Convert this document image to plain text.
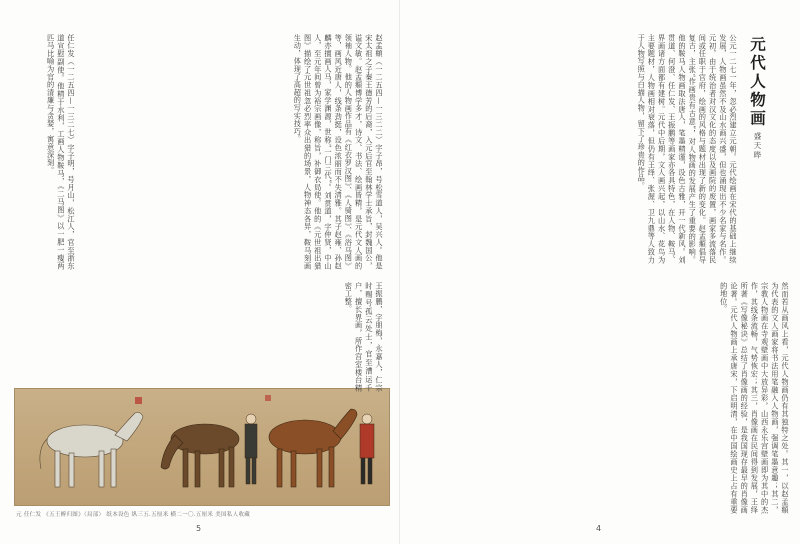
赵孟頫（一二五四—一三二二）字子昂，号松雪道人，吴兴人。他是宋太祖之子秦王德芳的后裔，入元后官至翰林学士承旨，封魏国公，谥文敏。赵孟頫博学多才，诗文、书法、绘画皆精，是元代文人画的领袖人物。他的人物画作品有《红衣罗汉图》、《人骑图》、《浴马图》等，画风近唐人，线条劲挺，设色浓丽而不失清雅。其子赵雍、孙赵麟亦擅画人马，家学渊源，世称“一门三代”。刘贯道，字仲贤，中山人，至元年间曾为裕宗画像，称旨，补御衣局使。他的《元世祖出猎图》描绘了元世祖忽必烈率众出猎的场景，人物神态各异，鞍马刻画生动，体现了高超的写实技巧。
任仁发（一二五四—一三二七）字子明，号月山，松江人，官至浙东道宣慰副使。他精于水利，工画人物鞍马，《二马图》以一肥一瘦两匹马比喻为官的清廉与贪婪，寓意深刻。
王振鹏，字朋梅，永嘉人，仁宗时赐号孤云处士，官至漕运千户，擅长界画，所作宫室楼台精密工整。
元 任仁发 《五王醉归图》（局部） 纸本设色 纵三五.五厘米 横二一〇.五厘米 美国私人收藏
5
元代人物画
盛天晔
公元一二七一年，忽必烈建立元朝。元代绘画在宋代的基础上继续发展，人物画虽然不及山水画兴盛，但也涌现出不少名家与名作。元初，由于统治者对汉文化的态度以及画院的废置，画家多流落民间或任职于官府，绘画的风格与题材出现了新的变化。赵孟頫倡导复古，主张“作画贵有古意”，对人物画的发展产生了重要的影响。他的鞍马人物画取法唐人，笔墨精谨，设色古雅，开一代新风。刘贯道、何澄、任仁发、王振鹏等画家亦各具特色，在人物、鞍马、界画诸方面都有建树。元代中后期，文人画兴起，以山水、花鸟为主要题材，人物画相对衰落，但仍有王绎、张渥、卫九鼎等人致力于人物写照与白描人物，留下了珍贵的作品。
然而若从画风上看，元代人物画仍有其独特之处。其一，以赵孟頫为代表的文人画家将书法用笔融入人物画，强调笔墨意趣；其二，宗教人物画在寺观壁画中大放异彩，山西永乐宫壁画即为其中的杰作，其线条流畅，气势恢宏；其三，肖像画在民间得到发展，王绎所著《写像秘诀》总结了肖像画的经验，是我国现存最早的肖像画论著。元代人物画上承唐宋，下启明清，在中国绘画史上占有重要的地位。
4
